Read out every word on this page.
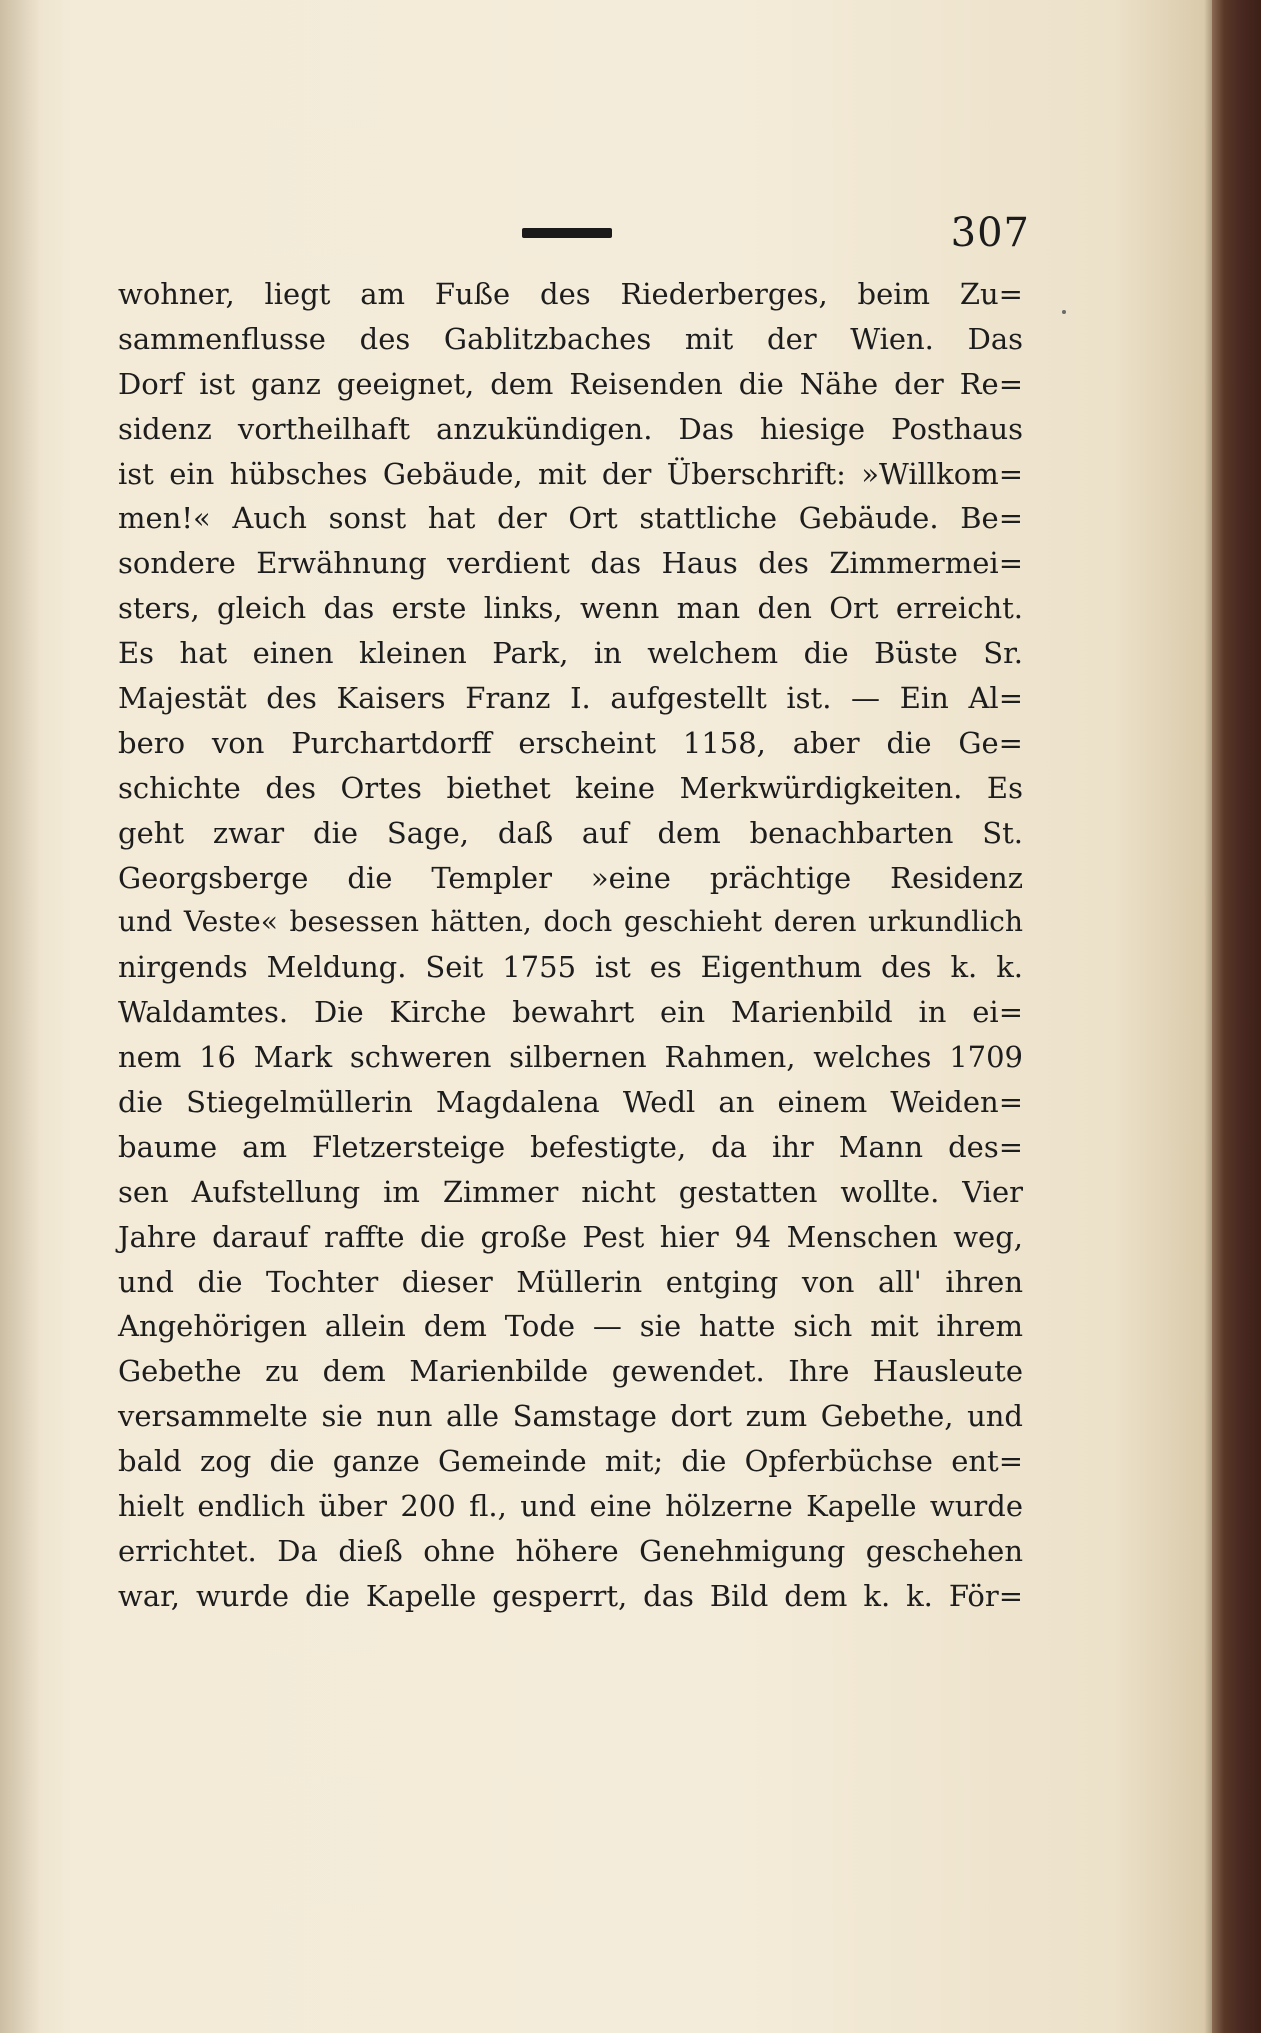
307
wohner, liegt am Fuße des Riederberges, beim Zu=
sammenflusse des Gablitzbaches mit der Wien. Das
Dorf ist ganz geeignet, dem Reisenden die Nähe der Re=
sidenz vortheilhaft anzukündigen. Das hiesige Posthaus
ist ein hübsches Gebäude, mit der Überschrift: »Willkom=
men!« Auch sonst hat der Ort stattliche Gebäude. Be=
sondere Erwähnung verdient das Haus des Zimmermei=
sters, gleich das erste links, wenn man den Ort erreicht.
Es hat einen kleinen Park, in welchem die Büste Sr.
Majestät des Kaisers Franz I. aufgestellt ist. — Ein Al=
bero von Purchartdorff erscheint 1158, aber die Ge=
schichte des Ortes biethet keine Merkwürdigkeiten. Es
geht zwar die Sage, daß auf dem benachbarten St.
Georgsberge die Templer »eine prächtige Residenz
und Veste« besessen hätten, doch geschieht deren urkundlich
nirgends Meldung. Seit 1755 ist es Eigenthum des k. k.
Waldamtes. Die Kirche bewahrt ein Marienbild in ei=
nem 16 Mark schweren silbernen Rahmen, welches 1709
die Stiegelmüllerin Magdalena Wedl an einem Weiden=
baume am Fletzersteige befestigte, da ihr Mann des=
sen Aufstellung im Zimmer nicht gestatten wollte. Vier
Jahre darauf raffte die große Pest hier 94 Menschen weg,
und die Tochter dieser Müllerin entging von all' ihren
Angehörigen allein dem Tode — sie hatte sich mit ihrem
Gebethe zu dem Marienbilde gewendet. Ihre Hausleute
versammelte sie nun alle Samstage dort zum Gebethe, und
bald zog die ganze Gemeinde mit; die Opferbüchse ent=
hielt endlich über 200 fl., und eine hölzerne Kapelle wurde
errichtet. Da dieß ohne höhere Genehmigung geschehen
war, wurde die Kapelle gesperrt, das Bild dem k. k. För=
